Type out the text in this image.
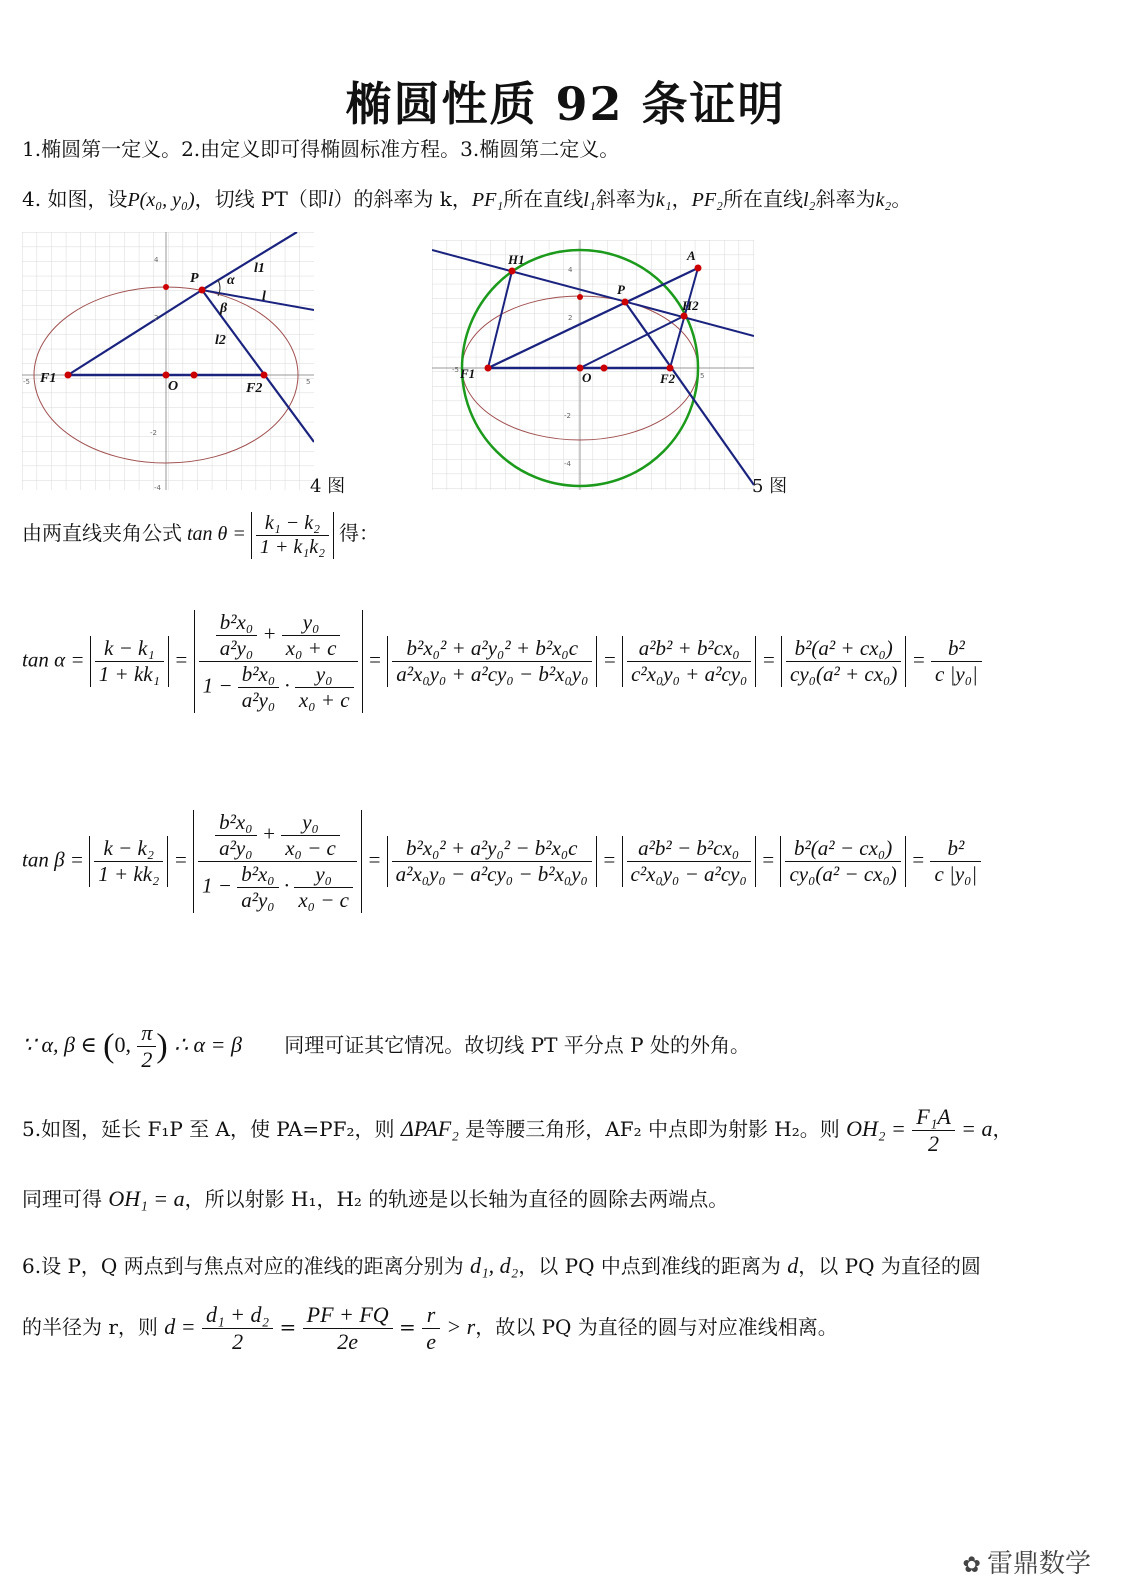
椭圆性质 92 条证明
1.椭圆第一定义。2.由定义即可得椭圆标准方程。3.椭圆第二定义。
4. 如图，设P(x₀, y₀)，切线 PT（即l）的斜率为 k，PF₁所在直线l₁斜率为k₁，PF₂所在直线l₂斜率为k₂。
P α
β
l1
l
l2
F1
O	F2
4
2
-2
-4
5
-5
4 图
H1	A
P
H2
F1	O	F2
4
2
-2
-4
5
-5
5 图
由两直线夹角公式 $\tan \theta = \frac{\text{k₁ − k₂}}{\text{1 + k₁k₂}}$ 得：
$\tan \alpha = \frac{\text{k − k₁}}{\text{1 + kk₁}} = \frac{\frac{\text{b²x₀}}{\text{a²y₀}} + \frac{\text{y₀}}{\text{x₀ + c}}}{1 - \frac{\text{b²x₀}}{\text{a²y₀}} \cdot \frac{\text{y₀}}{\text{x₀ + c}}} = \frac{\text{b²x₀² + a²y₀² + b²x₀c}}{\text{a²x₀y₀ + a²cy₀ − b²x₀y₀}} = \frac{\text{a²b² + b²cx₀}}{\text{c²x₀y₀ + a²cy₀}} = \frac{\text{b²(a² + cx₀)}}{\text{cy₀(a² + cx₀)}} = \frac{\text{b²}}{\text{c |y₀|}}$
$\tan \beta = \frac{\text{k − k₂}}{\text{1 + kk₂}} = \frac{\frac{\text{b²x₀}}{\text{a²y₀}} + \frac{\text{y₀}}{\text{x₀ − c}}}{1 - \frac{\text{b²x₀}}{\text{a²y₀}} \cdot \frac{\text{y₀}}{\text{x₀ − c}}} = \frac{\text{b²x₀² + a²y₀² − b²x₀c}}{\text{a²x₀y₀ − a²cy₀ − b²x₀y₀}} = \frac{\text{a²b² − b²cx₀}}{\text{c²x₀y₀ − a²cy₀}} = \frac{\text{b²(a² − cx₀)}}{\text{cy₀(a² − cx₀)}} = \frac{\text{b²}}{\text{c |y₀|}}$
∵ α, β ∈ (0, $\frac{\pi}{2}$ ) ∴ α = β 同理可证其它情况。故切线 PT 平分点 P 处的外角。
5.如图，延长 F₁P 至 A，使 PA=PF₂，则 ΔPAF₂ 是等腰三角形，AF₂ 中点即为射影 H₂。则 $OH_2 = \frac{\text{F₁A}}{2} = a$，
同理可得 OH₁ = a，所以射影 H₁，H₂ 的轨迹是以长轴为直径的圆除去两端点。
6.设 P，Q 两点到与焦点对应的准线的距离分别为 d₁, d₂，以 PQ 中点到准线的距离为 d，以 PQ 为直径的圆
的半径为 r，则 $d = \frac{\text{d₁ + d₂}}{2} = \frac{PF + FQ}{2e} = \frac{r}{e} > r$，故以 PQ 为直径的圆与对应准线相离。
✿ 雷鼎数学
